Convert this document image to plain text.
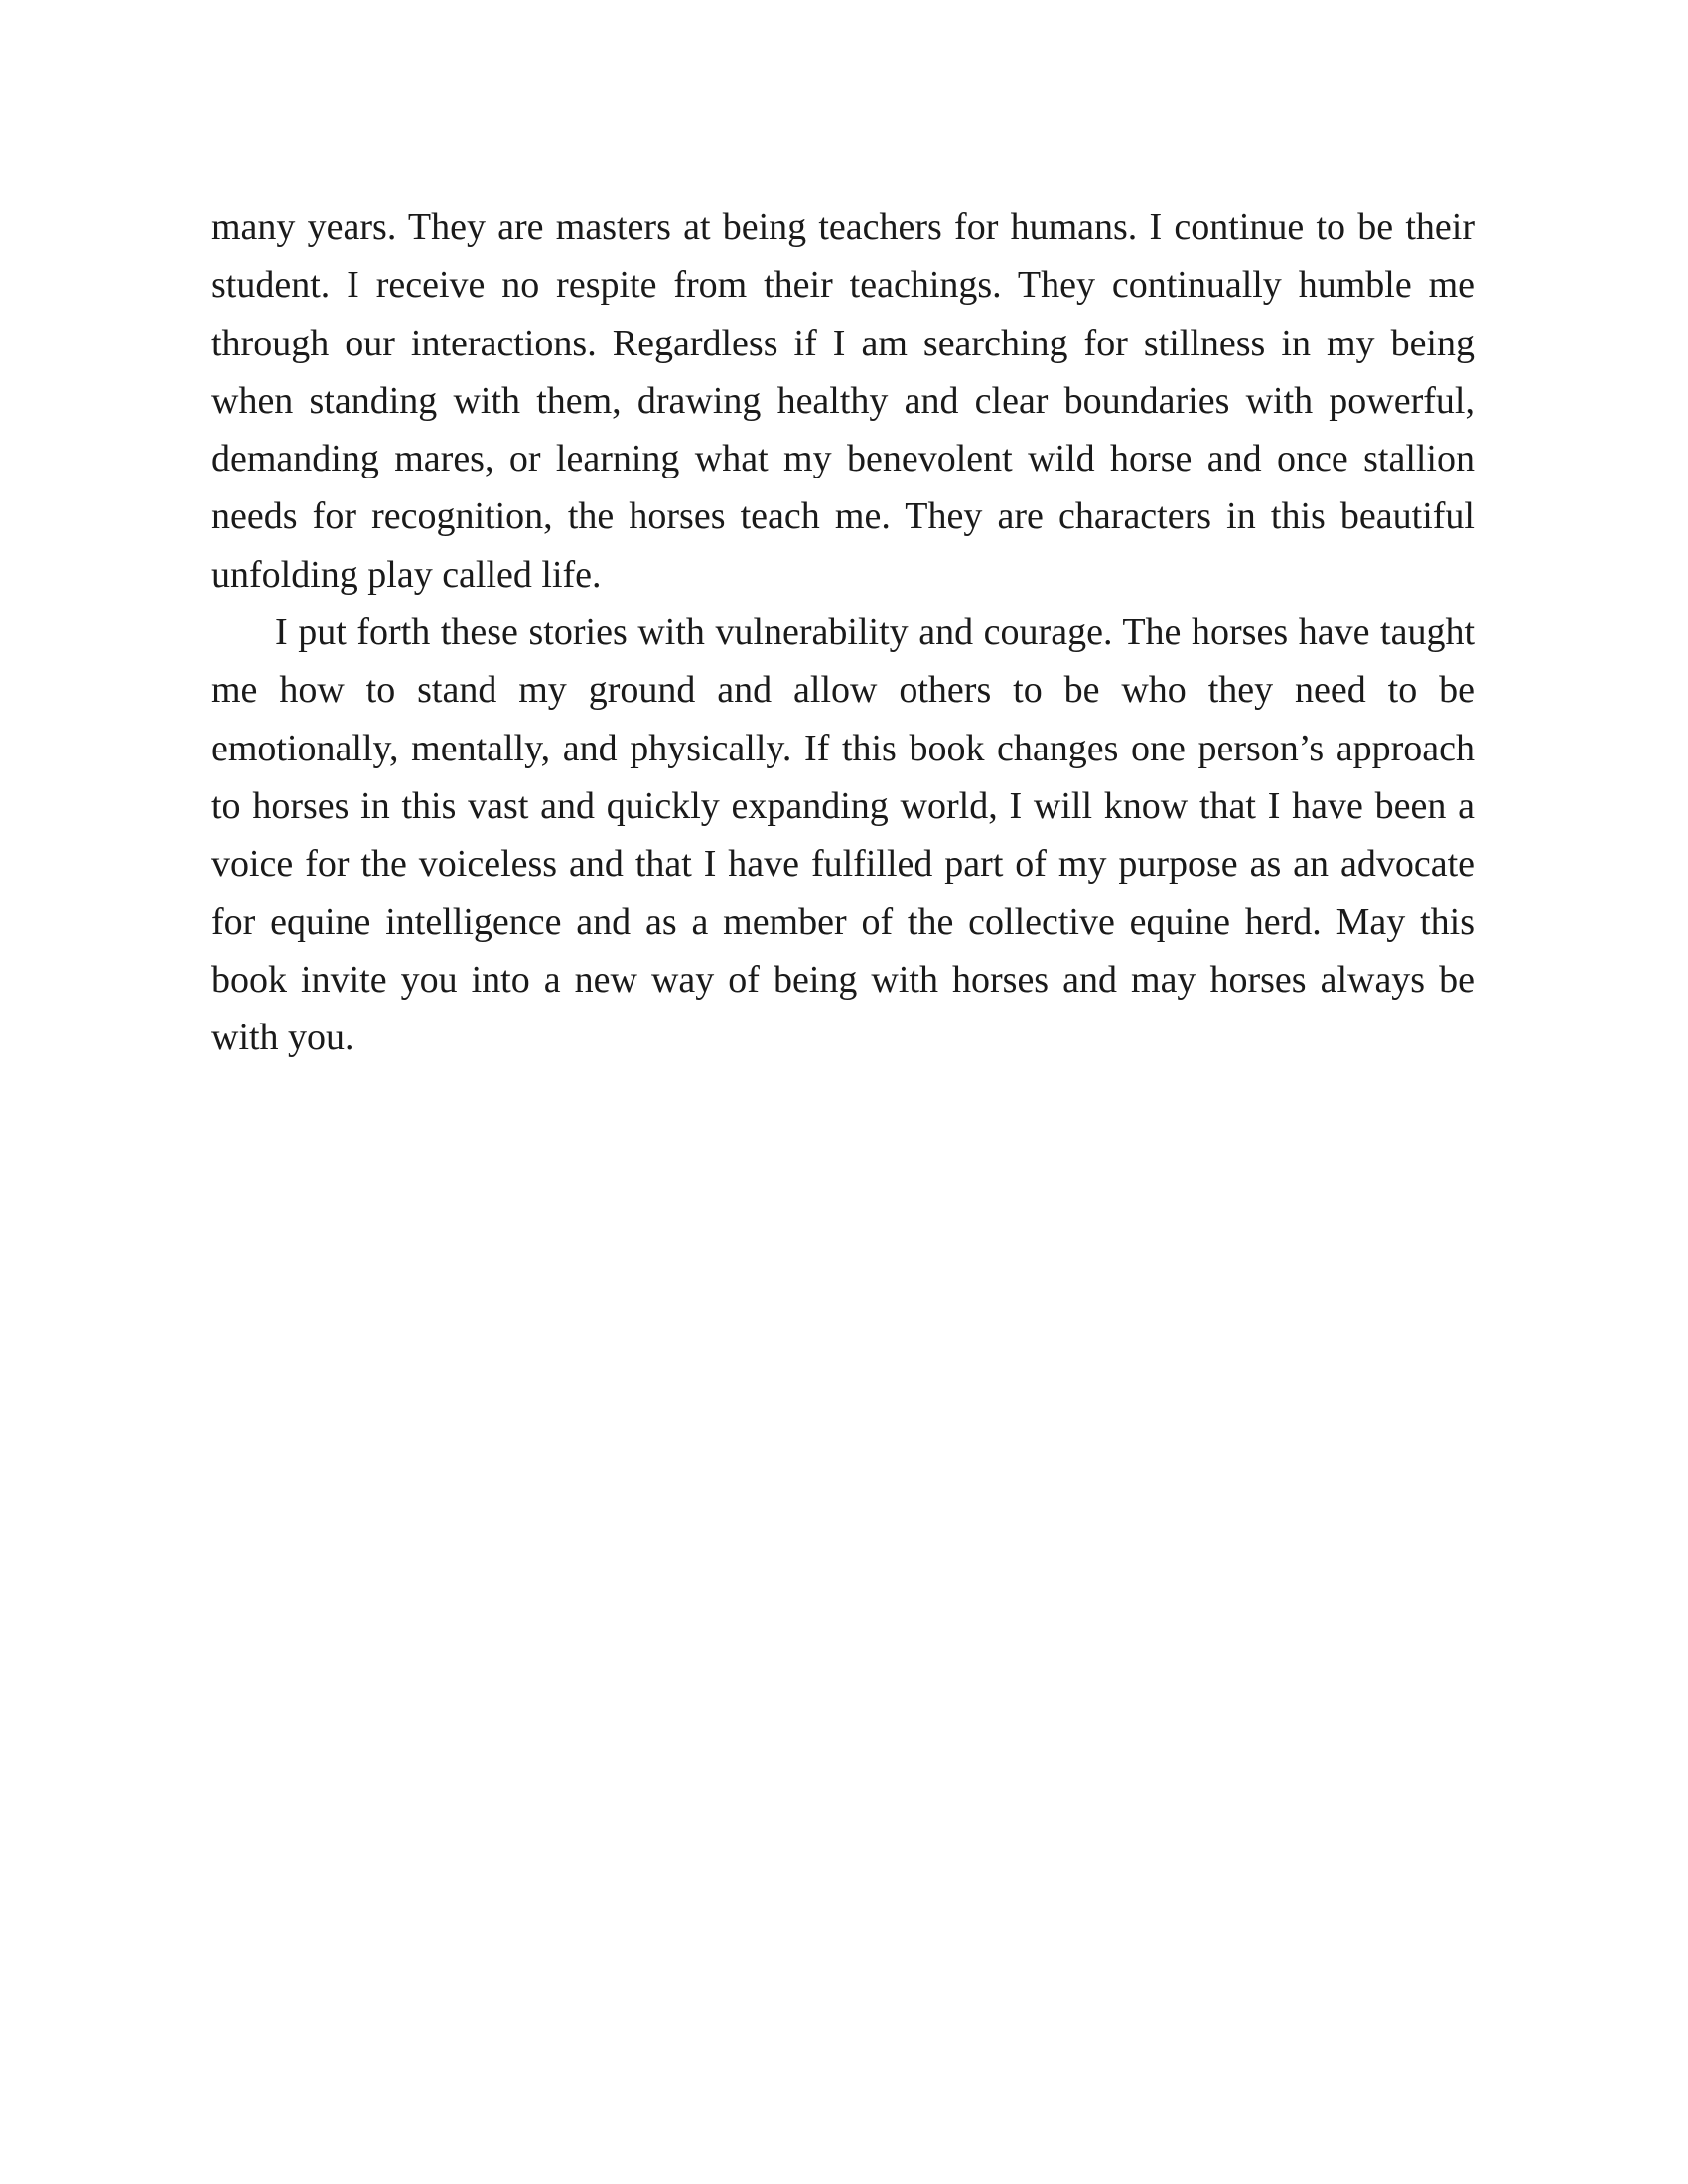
many years. They are masters at being teachers for humans. I continue to be their student. I receive no respite from their teachings. They continually humble me through our interactions. Regardless if I am searching for stillness in my being when standing with them, drawing healthy and clear boundaries with powerful, demanding mares, or learning what my benevolent wild horse and once stallion needs for recognition, the horses teach me. They are characters in this beautiful unfolding play called life.

I put forth these stories with vulnerability and courage. The horses have taught me how to stand my ground and allow others to be who they need to be emotionally, mentally, and physically. If this book changes one person’s approach to horses in this vast and quickly expanding world, I will know that I have been a voice for the voiceless and that I have fulfilled part of my purpose as an advocate for equine intelligence and as a member of the collective equine herd. May this book invite you into a new way of being with horses and may horses always be with you.
